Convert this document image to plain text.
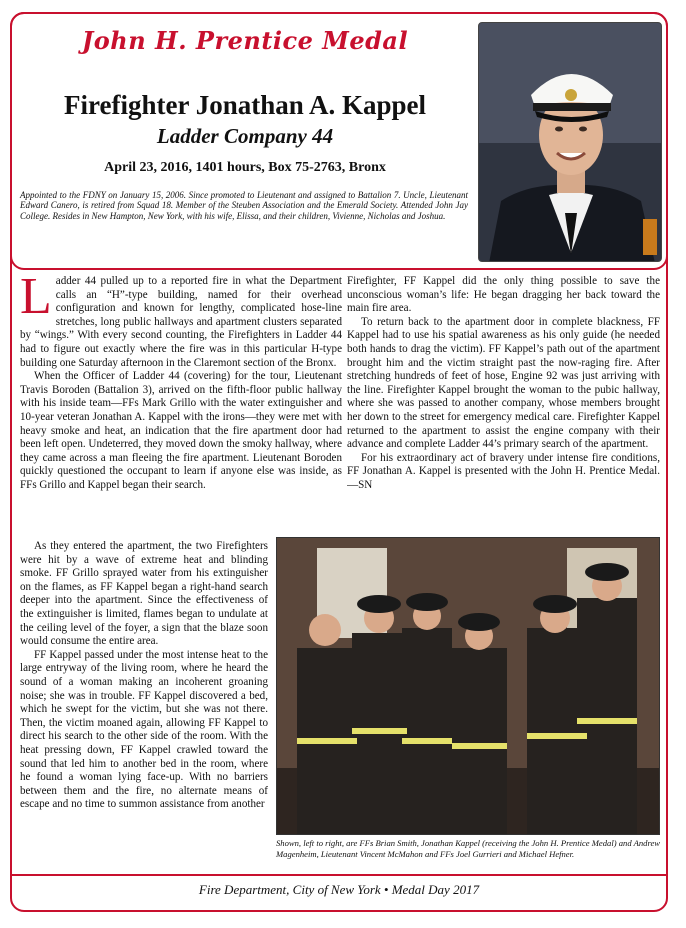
John H. Prentice Medal
Firefighter Jonathan A. Kappel
Ladder Company 44
April 23, 2016, 1401 hours, Box 75-2763, Bronx
Appointed to the FDNY on January 15, 2006. Since promoted to Lieutenant and assigned to Battalion 7. Uncle, Lieutenant Edward Canero, is retired from Squad 18. Member of the Steuben Association and the Emerald Society. Attended John Jay College. Resides in New Hampton, New York, with his wife, Elissa, and their children, Vivienne, Nicholas and Joshua.

Ladder 44 pulled up to a reported fire in what the Department calls an “H”-type building, named for their overhead configuration and known for lengthy, complicated hose-line stretches, long public hallways and apartment clusters separated by “wings.” With every second counting, the Firefighters in Ladder 44 had to figure out exactly where the fire was in this particular H-type building one Saturday afternoon in the Claremont section of the Bronx.

When the Officer of Ladder 44 (covering) for the tour, Lieutenant Travis Boroden (Battalion 3), arrived on the fifth-floor public hallway with his inside team—FFs Mark Grillo with the water extinguisher and 10-year veteran Jonathan A. Kappel with the irons—they were met with heavy smoke and heat, an indication that the fire apartment door had been left open. Undeterred, they moved down the smoky hallway, where they came across a man fleeing the fire apartment. Lieutenant Boroden quickly questioned the occupant to learn if anyone else was inside, as FFs Grillo and Kappel began their search.

As they entered the apartment, the two Firefighters were hit by a wave of extreme heat and blinding smoke. FF Grillo sprayed water from his extinguisher on the flames, as FF Kappel began a right-hand search deeper into the apartment. Since the effectiveness of the extinguisher is limited, flames began to undulate at the ceiling level of the foyer, a sign that the blaze soon would consume the entire area.

FF Kappel passed under the most intense heat to the large entryway of the living room, where he heard the sound of a woman making an incoherent groaning noise; she was in trouble. FF Kappel discovered a bed, which he swept for the victim, but she was not there. Then, the victim moaned again, allowing FF Kappel to direct his search to the other side of the room. With the heat pressing down, FF Kappel crawled toward the sound that led him to another bed in the room, where he found a woman lying face-up. With no barriers between them and the fire, no alternate means of escape and no time to summon assistance from another

Firefighter, FF Kappel did the only thing possible to save the unconscious woman’s life: He began dragging her back toward the main fire area.

To return back to the apartment door in complete blackness, FF Kappel had to use his spatial awareness as his only guide (he needed both hands to drag the victim). FF Kappel’s path out of the apartment brought him and the victim straight past the now-raging fire. After stretching hundreds of feet of hose, Engine 92 was just arriving with the line. Firefighter Kappel brought the woman to the pubic hallway, where she was passed to another company, whose members brought her down to the street for emergency medical care. Firefighter Kappel returned to the apartment to assist the engine company with their advance and complete Ladder 44’s primary search of the apartment.

For his extraordinary act of bravery under intense fire conditions, FF Jonathan A. Kappel is presented with the John H. Prentice Medal.—SN

Shown, left to right, are FFs Brian Smith, Jonathan Kappel (receiving the John H. Prentice Medal) and Andrew Magenheim, Lieutenant Vincent McMahon and FFs Joel Gurrieri and Michael Hefner.
Fire Department, City of New York • Medal Day 2017
